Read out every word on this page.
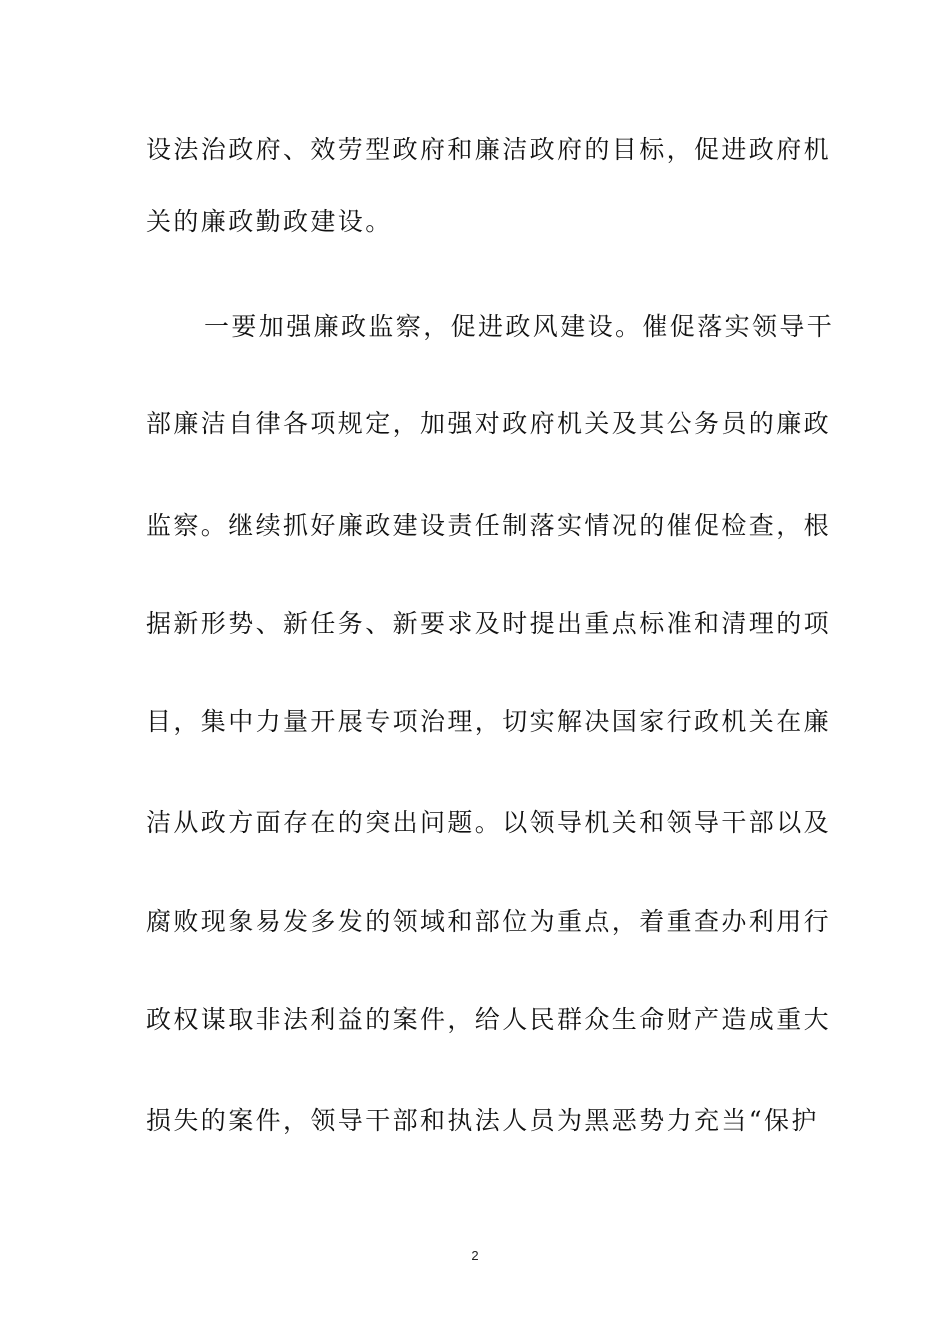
设法治政府、效劳型政府和廉洁政府的目标，促进政府机
关的廉政勤政建设。
一要加强廉政监察，促进政风建设。催促落实领导干
部廉洁自律各项规定，加强对政府机关及其公务员的廉政
监察。继续抓好廉政建设责任制落实情况的催促检查，根
据新形势、新任务、新要求及时提出重点标准和清理的项
目，集中力量开展专项治理，切实解决国家行政机关在廉
洁从政方面存在的突出问题。以领导机关和领导干部以及
腐败现象易发多发的领域和部位为重点，着重查办利用行
政权谋取非法利益的案件，给人民群众生命财产造成重大
损失的案件，领导干部和执法人员为黑恶势力充当“保护
2
